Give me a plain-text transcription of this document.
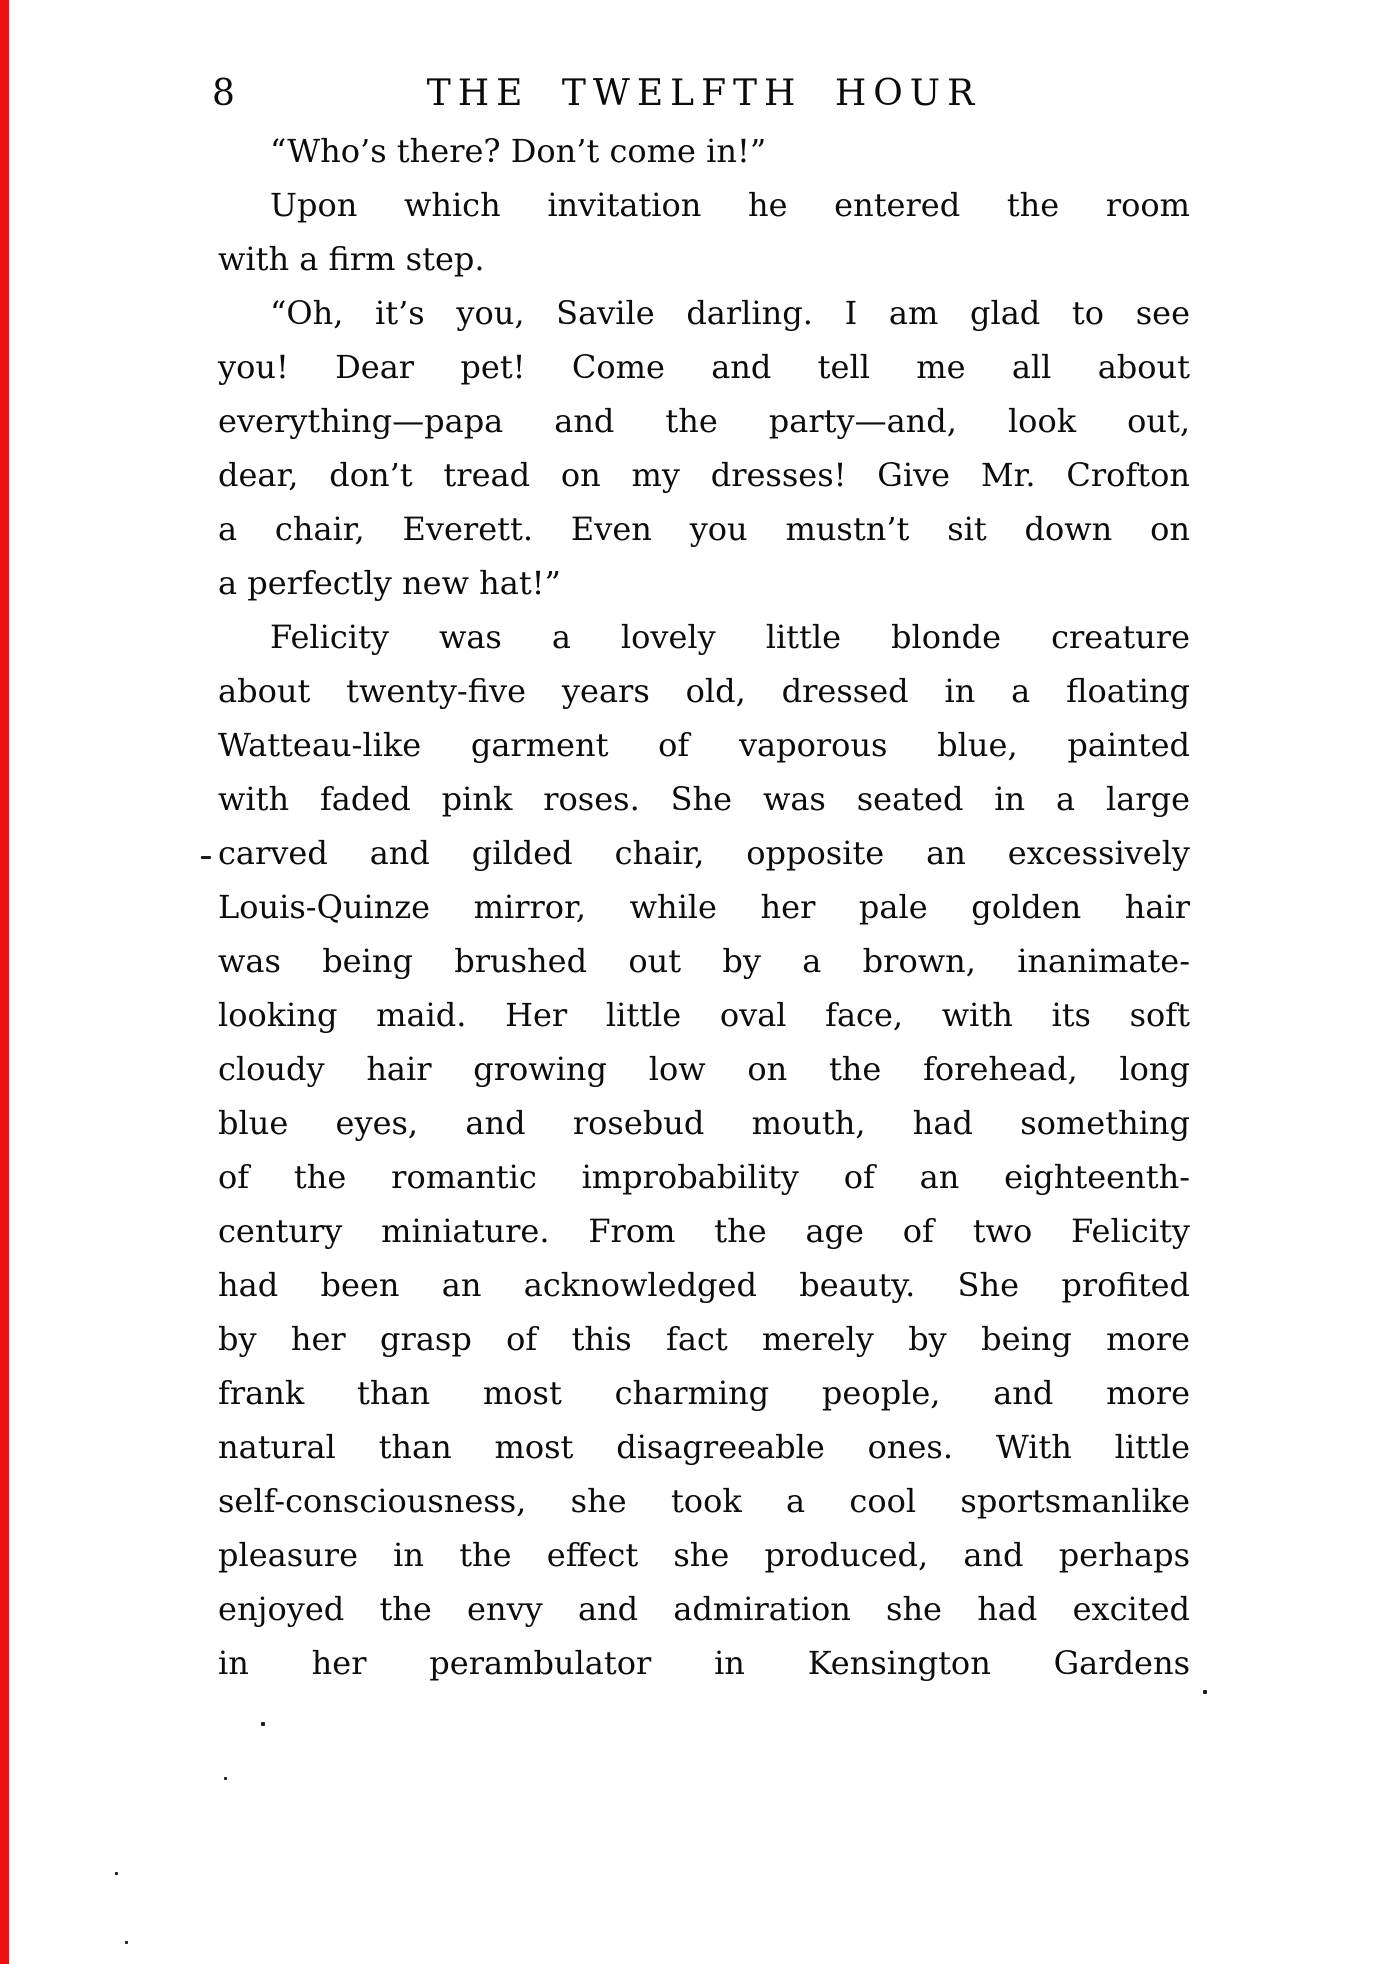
8	THE TWELFTH HOUR
“Who’s there? Don’t come in!”
Upon which invitation he entered the room
with a firm step.
“Oh, it’s you, Savile darling. I am glad to see
you! Dear pet! Come and tell me all about
everything—papa and the party—and, look out,
dear, don’t tread on my dresses! Give Mr. Crofton
a chair, Everett. Even you mustn’t sit down on
a perfectly new hat!”
Felicity was a lovely little blonde creature
about twenty-five years old, dressed in a floating
Watteau-like garment of vaporous blue, painted
with faded pink roses. She was seated in a large
carved and gilded chair, opposite an excessively
Louis-Quinze mirror, while her pale golden hair
was being brushed out by a brown, inanimate-
looking maid. Her little oval face, with its soft
cloudy hair growing low on the forehead, long
blue eyes, and rosebud mouth, had something
of the romantic improbability of an eighteenth-
century miniature. From the age of two Felicity
had been an acknowledged beauty. She profited
by her grasp of this fact merely by being more
frank than most charming people, and more
natural than most disagreeable ones. With little
self-consciousness, she took a cool sportsmanlike
pleasure in the effect she produced, and perhaps
enjoyed the envy and admiration she had excited
in her perambulator in Kensington Gardens
